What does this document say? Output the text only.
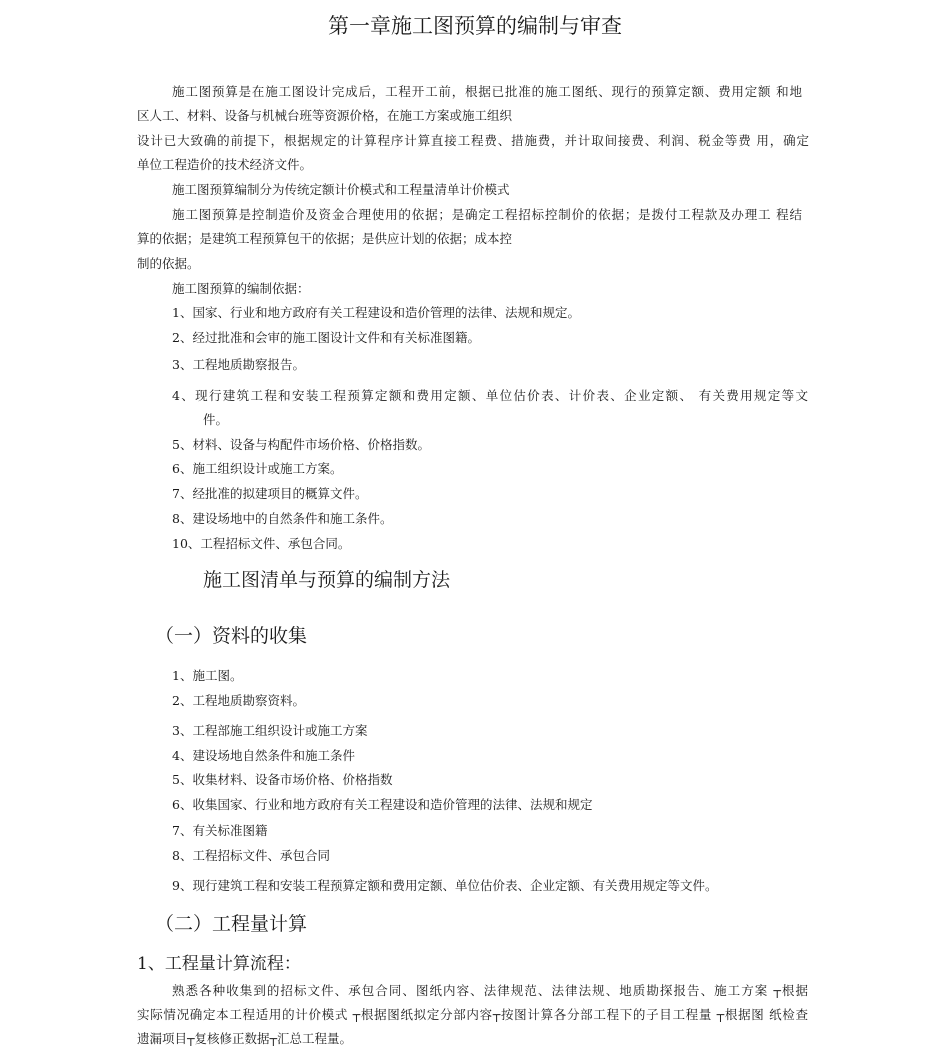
第一章施工图预算的编制与审查
施工图预算是在施工图设计完成后，工程开工前，根据已批准的施工图纸、现行的预算定额、费用定额 和地
区人工、材料、设备与机械台班等资源价格，在施工方案或施工组织
设计已大致确的前提下，根据规定的计算程序计算直接工程费、措施费，并计取间接费、利润、税金等费 用，确定
单位工程造价的技术经济文件。
施工图预算编制分为传统定额计价模式和工程量清单计价模式
施工图预算是控制造价及资金合理使用的依据；是确定工程招标控制价的依据；是拨付工程款及办理工 程结
算的依据；是建筑工程预算包干的依据；是供应计划的依据；成本控
制的依据。
施工图预算的编制依据：
1、国家、行业和地方政府有关工程建设和造价管理的法律、法规和规定。
2、经过批准和会审的施工图设计文件和有关标准图籍。
3、工程地质勘察报告。
4、现行建筑工程和安装工程预算定额和费用定额、单位估价表、计价表、企业定额、 有关费用规定等文
件。
5、材料、设备与构配件市场价格、价格指数。
6、施工组织设计或施工方案。
7、经批准的拟建项目的概算文件。
8、建设场地中的自然条件和施工条件。
10、工程招标文件、承包合同。
施工图清单与预算的编制方法
（一）资料的收集
1、施工图。
2、工程地质勘察资料。
3、工程部施工组织设计或施工方案
4、建设场地自然条件和施工条件
5、收集材料、设备市场价格、价格指数
6、收集国家、行业和地方政府有关工程建设和造价管理的法律、法规和规定
7、有关标准图籍
8、工程招标文件、承包合同
9、现行建筑工程和安装工程预算定额和费用定额、单位估价表、企业定额、有关费用规定等文件。
（二）工程量计算
1、工程量计算流程：
熟悉各种收集到的招标文件、承包合同、图纸内容、法律规范、法律法规、地质勘探报告、施工方案 ┬根据
实际情况确定本工程适用的计价模式 ┬根据图纸拟定分部内容┬按图计算各分部工程下的子目工程量 ┬根据图 纸检查
遗漏项目┬复核修正数据┬汇总工程量。
